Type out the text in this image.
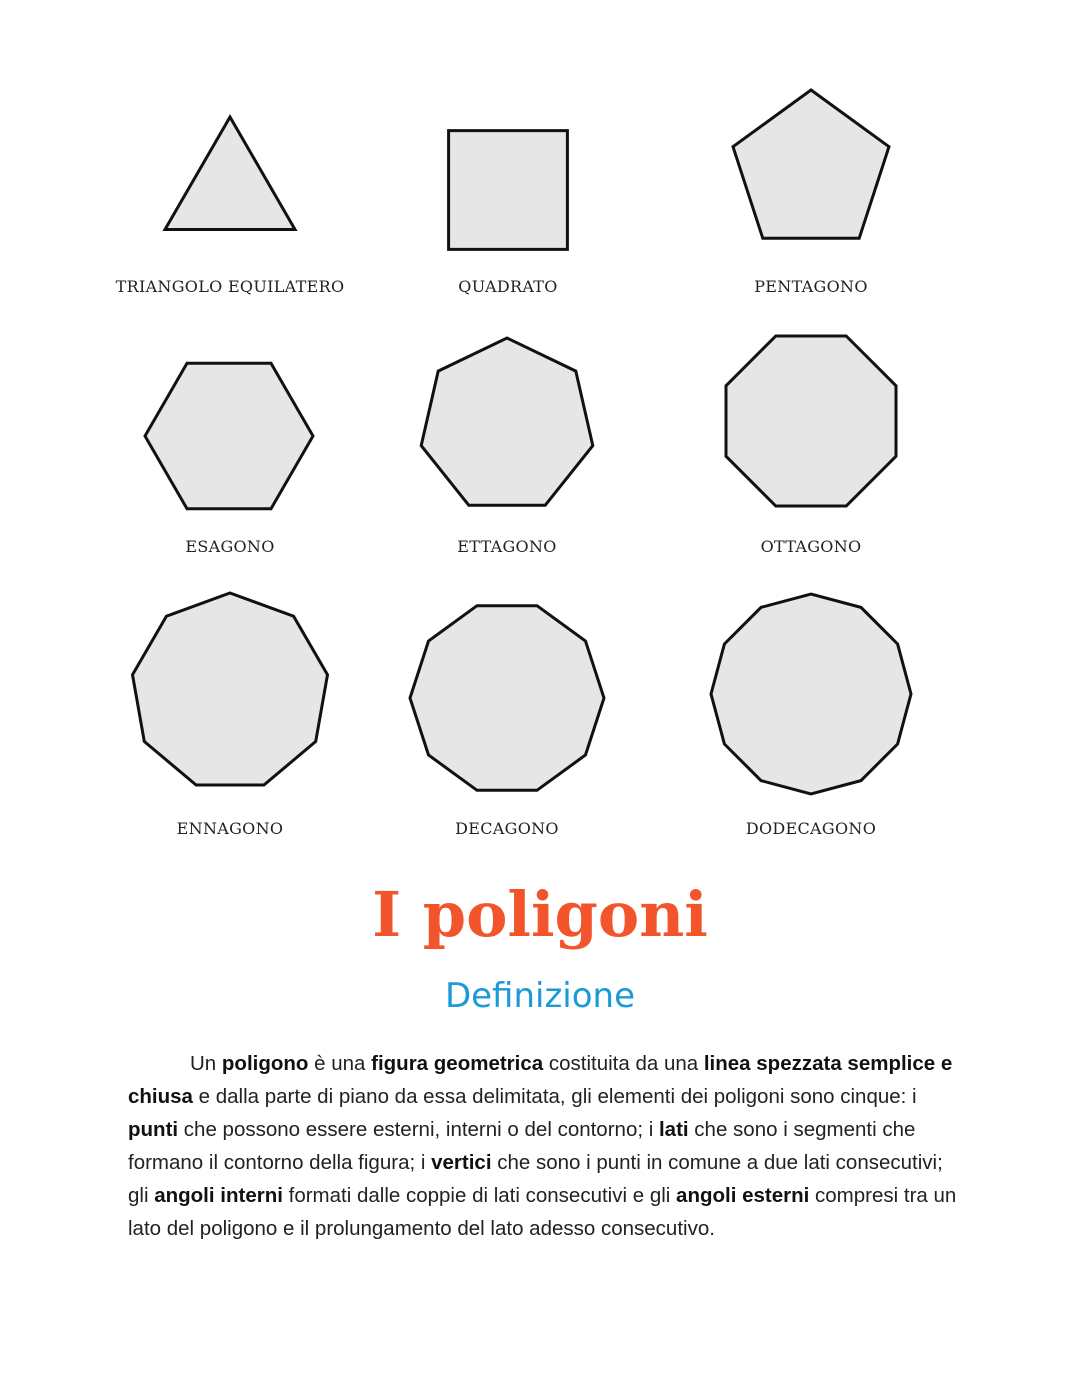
TRIANGOLO EQUILATERO	QUADRATO	PENTAGONO
ESAGONO	ETTAGONO	OTTAGONO
ENNAGONO	DECAGONO	DODECAGONO
I poligoni
Definizione

Un poligono è una figura geometrica costituita da una linea spezzata semplice e chiusa e dalla parte di piano da essa delimitata, gli elementi dei poligoni sono cinque: i punti che possono essere esterni, interni o del contorno; i lati che sono i segmenti che formano il contorno della figura; i vertici che sono i punti in comune a due lati consecutivi; gli angoli interni formati dalle coppie di lati consecutivi e gli angoli esterni compresi tra un lato del poligono e il prolungamento del lato adesso consecutivo.
